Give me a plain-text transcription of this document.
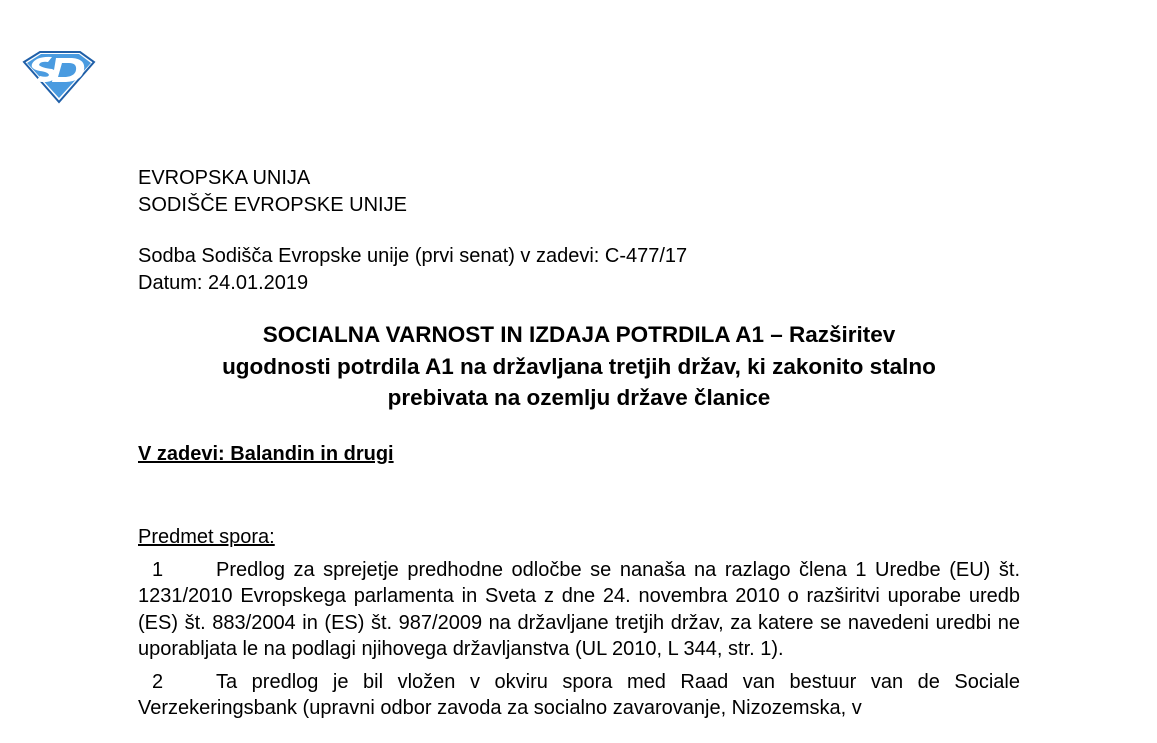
EVROPSKA UNIJA

SODIŠČE EVROPSKE UNIJE

Sodba Sodišča Evropske unije (prvi senat) v zadevi: C-477/17

Datum: 24.01.2019

SOCIALNA VARNOST IN IZDAJA POTRDILA A1 – Razširitev
ugodnosti potrdila A1 na državljana tretjih držav, ki zakonito stalno
prebivata na ozemlju države članice
V zadevi: Balandin in drugi
Predmet spora:
1	Predlog za sprejetje predhodne odločbe se nanaša na razlago člena 1 Uredbe (EU) št. 1231/2010 Evropskega parlamenta in Sveta z dne 24. novembra 2010 o razširitvi uporabe uredb (ES) št. 883/2004 in (ES) št. 987/2009 na državljane tretjih držav, za katere se navedeni uredbi ne uporabljata le na podlagi njihovega državljanstva (UL 2010, L 344, str. 1).
2	Ta predlog je bil vložen v okviru spora med Raad van bestuur van de Sociale Verzekeringsbank (upravni odbor zavoda za socialno zavarovanje, Nizozemska, v
